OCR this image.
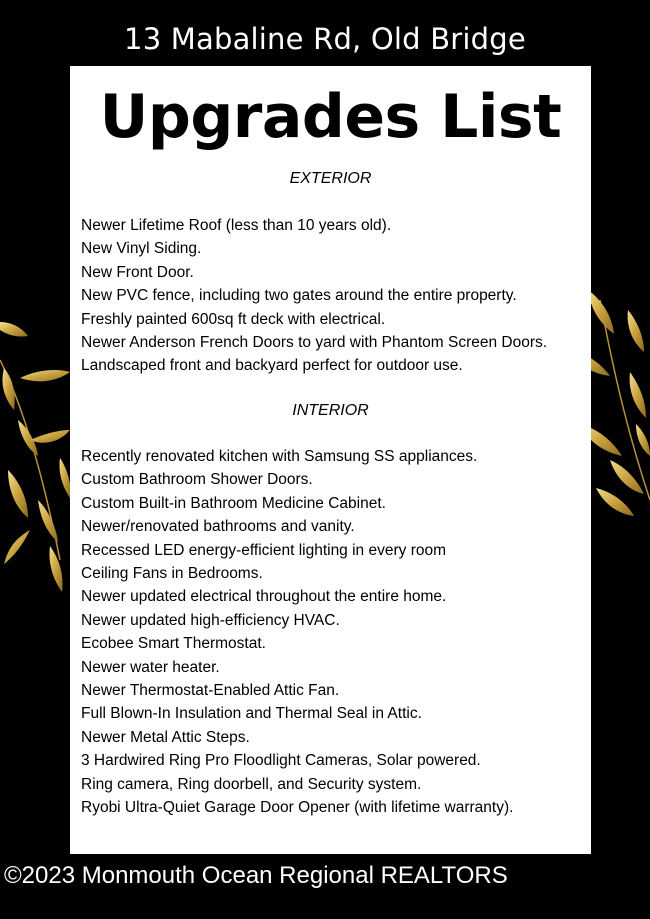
13 Mabaline Rd, Old Bridge
Upgrades List
EXTERIOR
Newer Lifetime Roof (less than 10 years old).
New Vinyl Siding.
New Front Door.
New PVC fence, including two gates around the entire property.
Freshly painted 600sq ft deck with electrical.
Newer Anderson French Doors to yard with Phantom Screen Doors.
Landscaped front and backyard perfect for outdoor use.
INTERIOR
Recently renovated kitchen with Samsung SS appliances.
Custom Bathroom Shower Doors.
Custom Built-in Bathroom Medicine Cabinet.
Newer/renovated bathrooms and vanity.
Recessed LED energy-efficient lighting in every room
Ceiling Fans in Bedrooms.
Newer updated electrical throughout the entire home.
Newer updated high-efficiency HVAC.
Ecobee Smart Thermostat.
Newer water heater.
Newer Thermostat-Enabled Attic Fan.
Full Blown-In Insulation and Thermal Seal in Attic.
Newer Metal Attic Steps.
3 Hardwired Ring Pro Floodlight Cameras, Solar powered.
Ring camera, Ring doorbell, and Security system.
Ryobi Ultra-Quiet Garage Door Opener (with lifetime warranty).
©2023 Monmouth Ocean Regional REALTORS
